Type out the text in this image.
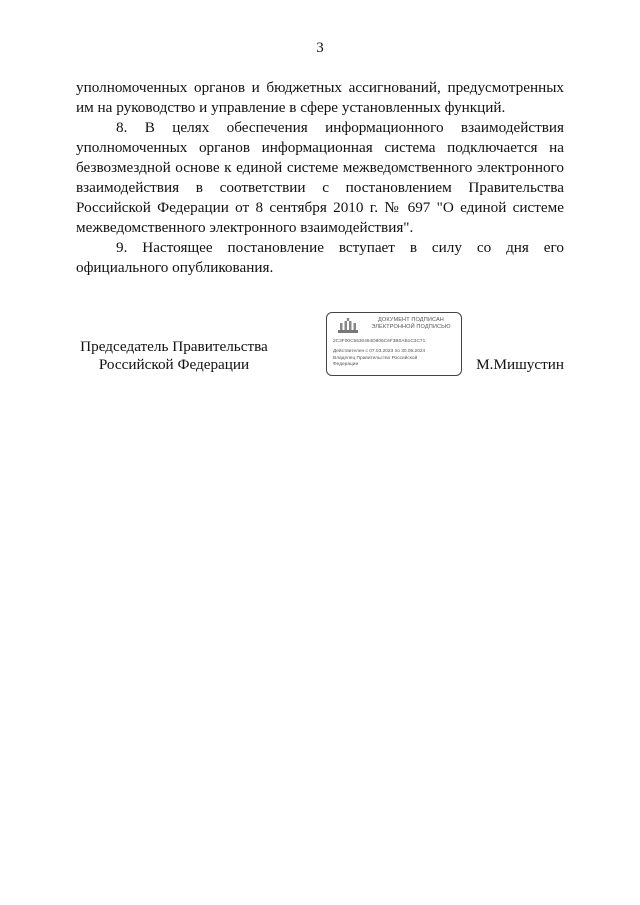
3

уполномоченных органов и бюджетных ассигнований, предусмотренных им на руководство и управление в сфере установленных функций.

8. В целях обеспечения информационного взаимодействия уполномоченных органов информационная система подключается на безвозмездной основе к единой системе межведомственного электронного взаимодействия в соответствии с постановлением Правительства Российской Федерации от 8 сентября 2010 г. № 697 "О единой системе межведомственного электронного взаимодействия".

9. Настоящее постановление вступает в силу со дня его официального опубликования.

Председатель Правительства
Российской Федерации
ДОКУМЕНТ ПОДПИСАН
ЭЛЕКТРОННОЙ ПОДПИСЬЮ
2C3F00C5530464D806C6F3B0AB1C3C71
Действителен с 07.03.2023 по 30.05.2024
Владелец Правительство Российской
Федерации	М.Мишустин
